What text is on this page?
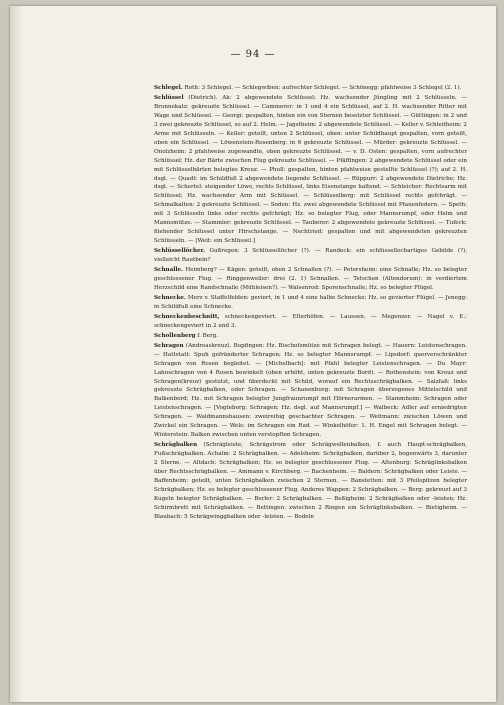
— 94 —

Schlegel. Roth: 3 Schlegel. — Schlegwiben: aufrechter Schlegel. — Schönegg: pfahlweise 3 Schlegel (2. 1).

Schlüssel (Dietrich). Ak: 2 abgewendete Schlüssel; Hz. wachsender Jüngling mit 2 Schlüsseln. — Brunnekatz: gekreuzte Schlüssel. — Cammerer: in 1 und 4 ein Schlüssel, auf 2. H. wachsender Ritter mit Wage und Schlüssel. — Georgi: gespalten, hinten ein von Sternen besetzter Schlüssel. — Güttingen: in 2 und 3 zwei gekreuzte Schlüssel, so auf 2. Helm. — Jagstheim: 2 abgewendete Schlüssel. — Keller v. Schleitheim: 2 Arme mit Schlüsseln. — Keller: geteilt, unten 2 Schlüssel, oben: unter Schildhaupt gespalten, vorn geteilt, oben ein Schlüssel. — Löwenstein-Rosenberg: in 6 gekreuzte Schlüssel. — Mürder: gekreuzte Schlüssel. — Onolzheim: 2 pfahlweise zugewandte, oben gekreuzte Schlüssel. — v. D. Osten: gespalten, vorn aufrechter Schlüssel; Hz. der Bärte zwischen Flug gekreuzte Schlüssel. — Pfäffingen: 2 abgewendete Schlüssel oder ein mit Schlüsselbärten belegtes Kreuz. — Phull: gespalten, hinten pfahlweise gestellte Schlüssel (?); auf 2. H. dsgl. — Quadt: im Schildfuß 2 abgewendete liegende Schlüssel. — Rüppurr: 2 abgewendete Dietriche; Hz. dsgl. — Schertel: steigender Löwe, rechts Schlüssel, links Eisenstange haltend. — Schleicher: Rechtsarm mit Schlüssel; Hz. wachsender Arm mit Schlüssel. — Schlüsselberg: mit Schlüssel rechts gefchrägt. — Schmalkalten: 2 gekreuzte Schlüssel. — Soden: Hz. zwei abgewendete Schlüssel mit Pfauenfedern. — Speth: mit 3 Schlüsseln links oder rechts gefchrägt; Hz. so belegter Flug, oder Mannsrumpf, oder Helm und Mannsmütze. — Stammler: gekreuzte Schlüssel. — Tauberer: 2 abgewendete gekreuzte Schlüssel. — Tufeck: fliehender Schlüssel unter Hirschstange. — Nechtried: gespalten und mit abgewendeten gekreuzten Schlüsseln. — [Weit: ein Schlüssel.]

Schlüssellöcher. Gußregen: 3 Schlüssellöcher (?). — Randeck: ein schlüssellochartiges Gebilde (?), vielleicht Rautbein?

Schnalle. Heimberg? — Kägen: geteilt, oben 2 Schnallen (?). — Petersheim: eine Schnalle; Hz. so belegter geschlossener Flug. — Ringgenweiler: drei (2. 1) Schnallen. — Tetschen (Altendorum): in verdiertem Herzschild eine Randschnalle (Mühleisen?). — Walsenrod: Sporenschnalle; Hz. so belegter Flügel.

Schnecke. Merz v. Staffelfelden: geviert, in 1 und 4 eine halbe Schnecke; Hz. so gevierter Flügel. — Jenegg: in Schildfuß eine Schnecke.

Schneckenbeschnitt, schneckengeviert. — Elterhöfen. — Laussen. — Megenzer. — Nagel v. E.: schneckengeviert in 2 und 3.

Schollenberg f. Berg.

Schragen (Andreaskreuz). Bopfingen: Hz. Bischofsmütze mit Schragen belegt. — Hauern: Leistenschragen. — Hattstatt: Spuh gefränderter Schragen; Hz. so belegter Mannsrumpf. — Lipsdorf: querverschränkter Schragen von Rosen begleitet. — [Michelbach]: mit Pfahl belegter Leistenschragen. — Du Mayr: Lahnschragen von 4 Rosen bewinkelt (oben erhöht, unten gekreuzte Bord). — Rothenstein: von Kreuz und Schragen(kreuz) gestutzt, und überdeckt mit Schild, worauf ein Rechtsschrägbalken. — Salzfaß: links gekreuzte Schrägbalken, oder Schragen. — Schanenburg: mit Schragen überzogenes Mittelschild und Balkenbord; Hz. mit Schragen belegter Jungfraunrumpf mit Hörnerarmen. — Stammheim: Schragen oder Leistenschragen. — [Vogteborg: Schragen; Hz. dsgl. auf Mannsrumpf.] — Walbeck: Adler auf erniedrigten Schragen. — Waldmannshausen: zweireihig geschachter Schragen. — Weitmann: zwischen Löwen und Zwickel ein Schragen. — Wels: im Schragen ein Rad. — Winkelhöfer: 1. H. Engel mit Schragen belegt. — Winterstein: Balken zwischen unten verstopften Schragen.

Schrägbalken (Schrägleiste, Schrägstrom oder Schrägwellenbalken, f. auch Haupt-schrägbalken, Fußschrägbalken. Achalm: 2 Schrägbalken. — Adelsheim: Schrägbalken, darüber 2, bogenwärts 3, darunter 2 Sterne. — Altdach: Schrägbalken; Hz. so belegter geschlossener Flug. — Altenburg: Schräglinksbalken über Rechtsschrägbalken. — Ammann v. Kirchberg. — Bachenheim. — Baldern: Schrägbalken oder Leiste. — Baffenheim: geteilt, unten Schrägbalken zwischen 2 Sternen. — Banstetten: mit 3 Pfeilspitzen belegter Schrägbalken; Hz. so belegter geschlossener Flug. Anderes Wappen: 2 Schrägbalken. — Berg: gekreuzt auf 3 Kugeln belegter Schrägbalken. — Berler: 2 Schrägbalken. — Beßigheim: 2 Schrägbalken oder -leisten; Hz. Schirmbrett mit Schrägbalken. — Bettingen: zwischen 2 Ringen ein Schräglinksbalken. — Bietigheim. — Blaubach: 5 Schrägwinggbalken oder -leisten. — Bodeln
